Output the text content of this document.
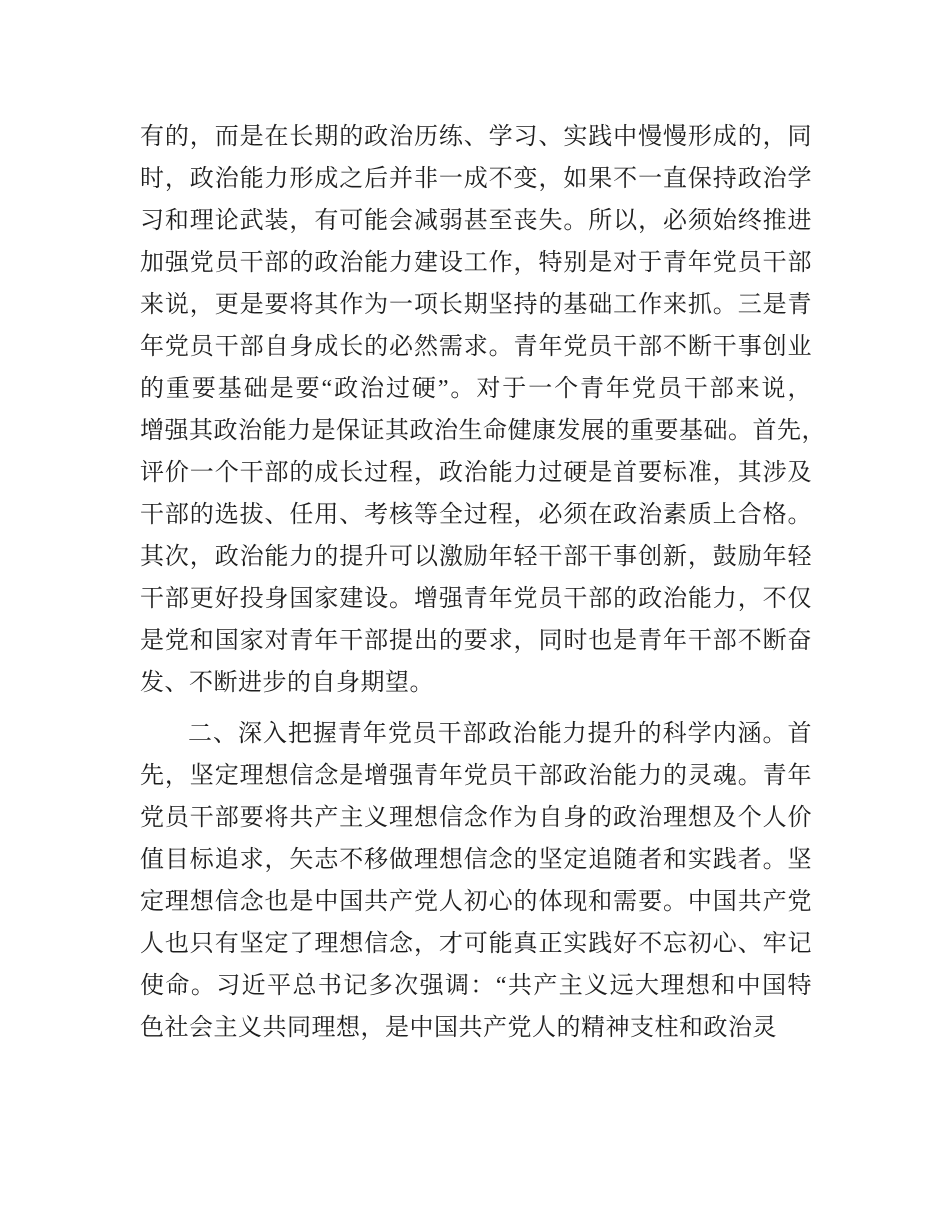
有的，而是在长期的政治历练、学习、实践中慢慢形成的，同
时，政治能力形成之后并非一成不变，如果不一直保持政治学
习和理论武装，有可能会减弱甚至丧失。所以，必须始终推进
加强党员干部的政治能力建设工作，特别是对于青年党员干部
来说，更是要将其作为一项长期坚持的基础工作来抓。三是青
年党员干部自身成长的必然需求。青年党员干部不断干事创业
的重要基础是要“政治过硬”。对于一个青年党员干部来说，
增强其政治能力是保证其政治生命健康发展的重要基础。首先，
评价一个干部的成长过程，政治能力过硬是首要标准，其涉及
干部的选拔、任用、考核等全过程，必须在政治素质上合格。
其次，政治能力的提升可以激励年轻干部干事创新，鼓励年轻
干部更好投身国家建设。增强青年党员干部的政治能力，不仅
是党和国家对青年干部提出的要求，同时也是青年干部不断奋
发、不断进步的自身期望。
二、深入把握青年党员干部政治能力提升的科学内涵。首
先，坚定理想信念是增强青年党员干部政治能力的灵魂。青年
党员干部要将共产主义理想信念作为自身的政治理想及个人价
值目标追求，矢志不移做理想信念的坚定追随者和实践者。坚
定理想信念也是中国共产党人初心的体现和需要。中国共产党
人也只有坚定了理想信念，才可能真正实践好不忘初心、牢记
使命。习近平总书记多次强调：“共产主义远大理想和中国特
色社会主义共同理想，是中国共产党人的精神支柱和政治灵
